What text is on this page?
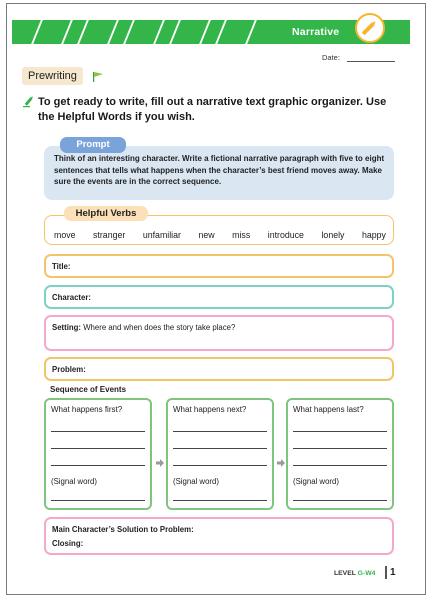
Narrative
Date:
Prewriting
To get ready to write, fill out a narrative text graphic organizer. Use the Helpful Words if you wish.
Prompt
Think of an interesting character. Write a fictional narrative paragraph with five to eight sentences that tells what happens when the character’s best friend moves away. Make sure the events are in the correct sequence.
Helpful Verbs
move stranger unfamiliar new miss introduce lonely happy
Title:
Character:
Setting: Where and when does the story take place?
Problem:
Sequence of Events
What happens first?
(Signal word)
What happens next?
(Signal word)
What happens last?
(Signal word)
Main Character’s Solution to Problem:
Closing:
LEVEL G-W4 1
